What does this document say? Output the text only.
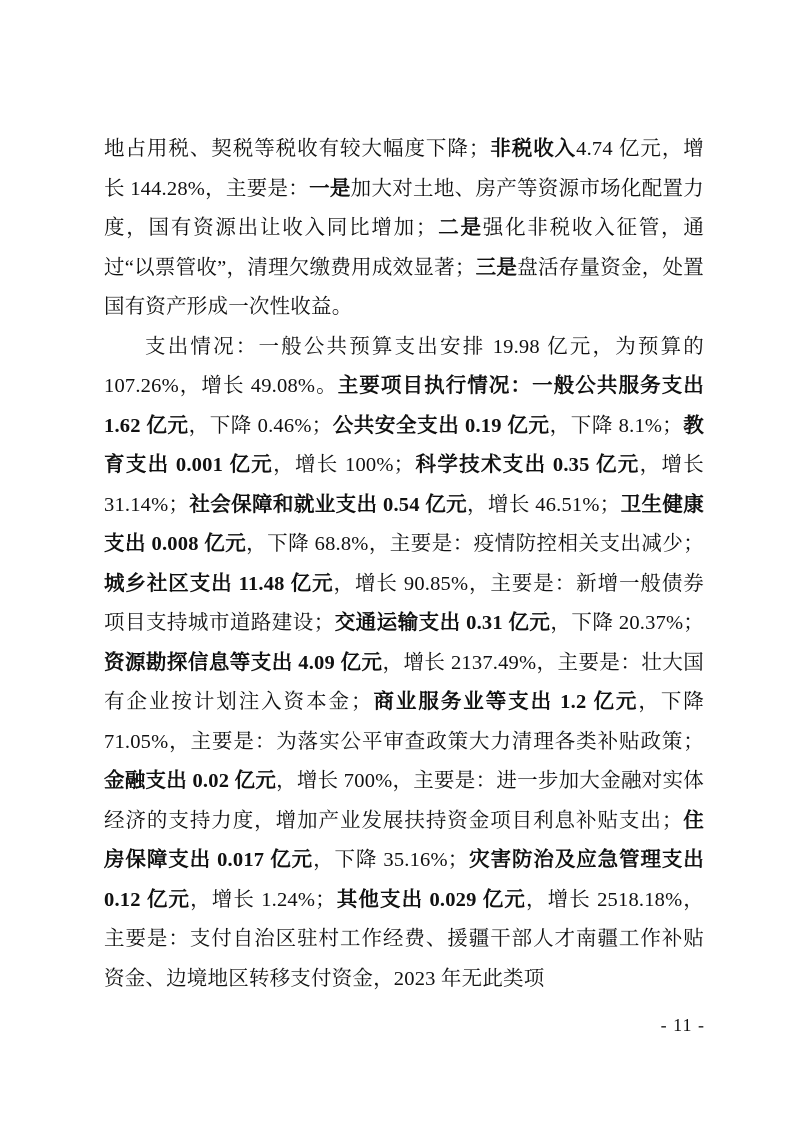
地占用税、契税等税收有较大幅度下降；非税收入4.74 亿元，增长 144.28%，主要是：一是加大对土地、房产等资源市场化配置力度，国有资源出让收入同比增加；二是强化非税收入征管，通过“以票管收”，清理欠缴费用成效显著；三是盘活存量资金，处置国有资产形成一次性收益。

支出情况：一般公共预算支出安排 19.98 亿元，为预算的 107.26%，增长 49.08%。主要项目执行情况：一般公共服务支出 1.62 亿元，下降 0.46%；公共安全支出 0.19 亿元，下降 8.1%；教育支出 0.001 亿元，增长 100%；科学技术支出 0.35 亿元，增长 31.14%；社会保障和就业支出 0.54 亿元，增长 46.51%；卫生健康支出 0.008 亿元，下降 68.8%，主要是：疫情防控相关支出减少；城乡社区支出 11.48 亿元，增长 90.85%，主要是：新增一般债券项目支持城市道路建设；交通运输支出 0.31 亿元，下降 20.37%；资源勘探信息等支出 4.09 亿元，增长 2137.49%，主要是：壮大国有企业按计划注入资本金；商业服务业等支出 1.2 亿元，下降 71.05%，主要是：为落实公平审查政策大力清理各类补贴政策；金融支出 0.02 亿元，增长 700%，主要是：进一步加大金融对实体经济的支持力度，增加产业发展扶持资金项目利息补贴支出；住房保障支出 0.017 亿元，下降 35.16%；灾害防治及应急管理支出 0.12 亿元，增长 1.24%；其他支出 0.029 亿元，增长 2518.18%，主要是：支付自治区驻村工作经费、援疆干部人才南疆工作补贴资金、边境地区转移支付资金，2023 年无此类项

- 11 -
